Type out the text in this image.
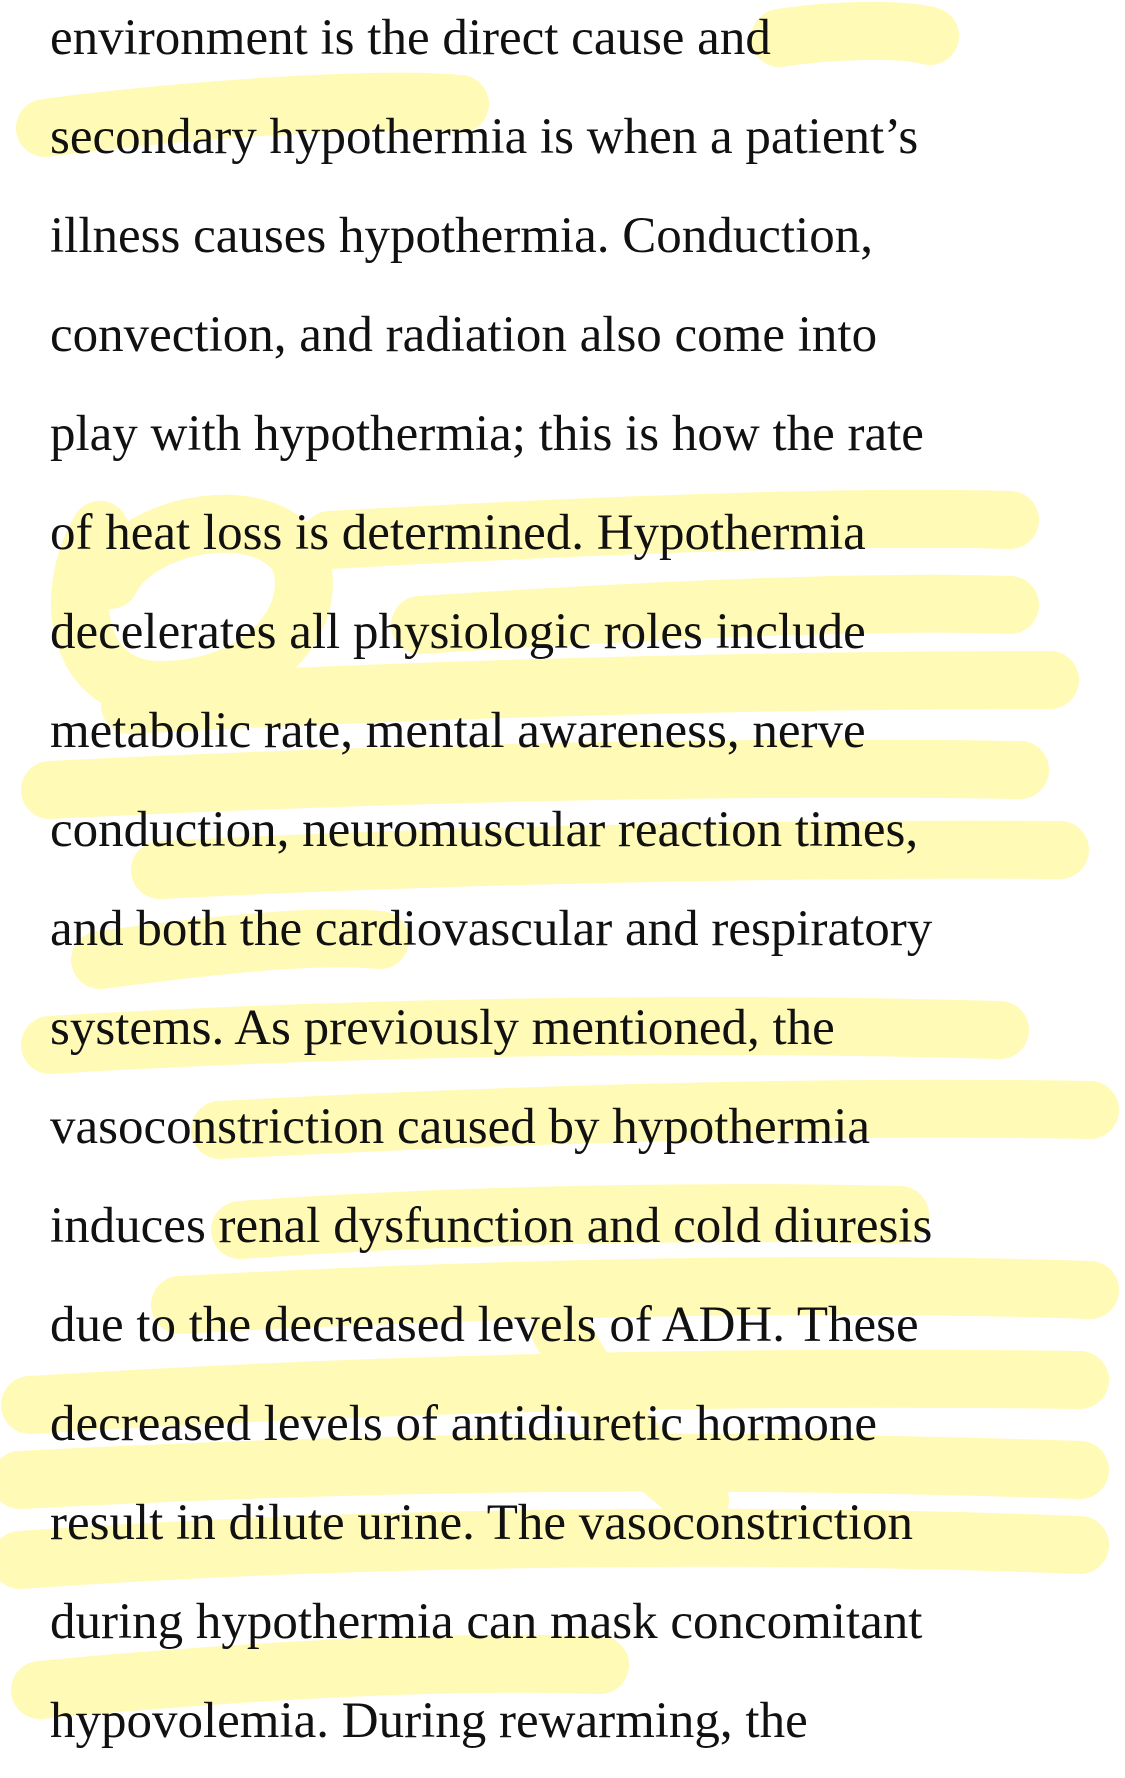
environment is the direct cause and
secondary hypothermia is when a patient’s
illness causes hypothermia. Conduction,
convection, and radiation also come into
play with hypothermia; this is how the rate
of heat loss is determined. Hypothermia
decelerates all physiologic roles include
metabolic rate, mental awareness, nerve
conduction, neuromuscular reaction times,
and both the cardiovascular and respiratory
systems. As previously mentioned, the
vasoconstriction caused by hypothermia
induces renal dysfunction and cold diuresis
due to the decreased levels of ADH. These
decreased levels of antidiuretic hormone
result in dilute urine. The vasoconstriction
during hypothermia can mask concomitant
hypovolemia. During rewarming, the
